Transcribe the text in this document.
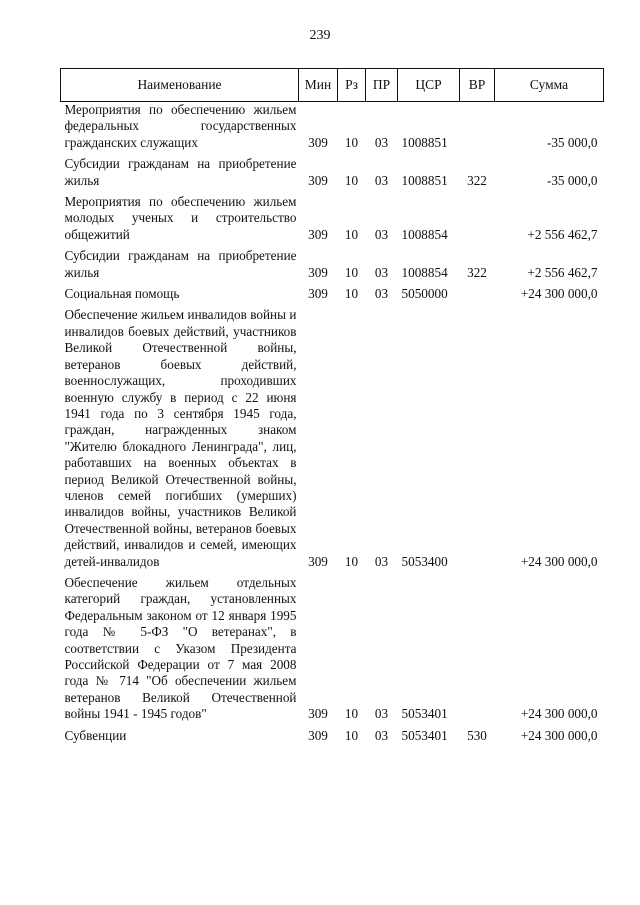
239
Наименование	Мин	Рз	ПР	ЦСР	ВР	Сумма
Мероприятия по обеспечению жильем федеральных государственных гражданских служащих	309	10	03	1008851		-35 000,0
Субсидии гражданам на приобретение жилья	309	10	03	1008851	322	-35 000,0
Мероприятия по обеспечению жильем молодых ученых и строительство общежитий	309	10	03	1008854		+2 556 462,7
Субсидии гражданам на приобретение жилья	309	10	03	1008854	322	+2 556 462,7
Социальная помощь	309	10	03	5050000		+24 300 000,0
Обеспечение жильем инвалидов войны и инвалидов боевых действий, участников Великой Отечественной войны, ветеранов боевых действий, военнослужащих, проходивших военную службу в период с 22 июня 1941 года по 3 сентября 1945 года, граждан, награжденных знаком "Жителю блокадного Ленинграда", лиц, работавших на военных объектах в период Великой Отечественной войны, членов семей погибших (умерших) инвалидов войны, участников Великой Отечественной войны, ветеранов боевых действий, инвалидов и семей, имеющих детей-инвалидов	309	10	03	5053400		+24 300 000,0
Обеспечение жильем отдельных категорий граждан, установленных Федеральным законом от 12 января 1995 года № 5-ФЗ "О ветеранах", в соответствии с Указом Президента Российской Федерации от 7 мая 2008 года № 714 "Об обеспечении жильем ветеранов Великой Отечественной войны 1941 - 1945 годов"	309	10	03	5053401		+24 300 000,0
Субвенции	309	10	03	5053401	530	+24 300 000,0
